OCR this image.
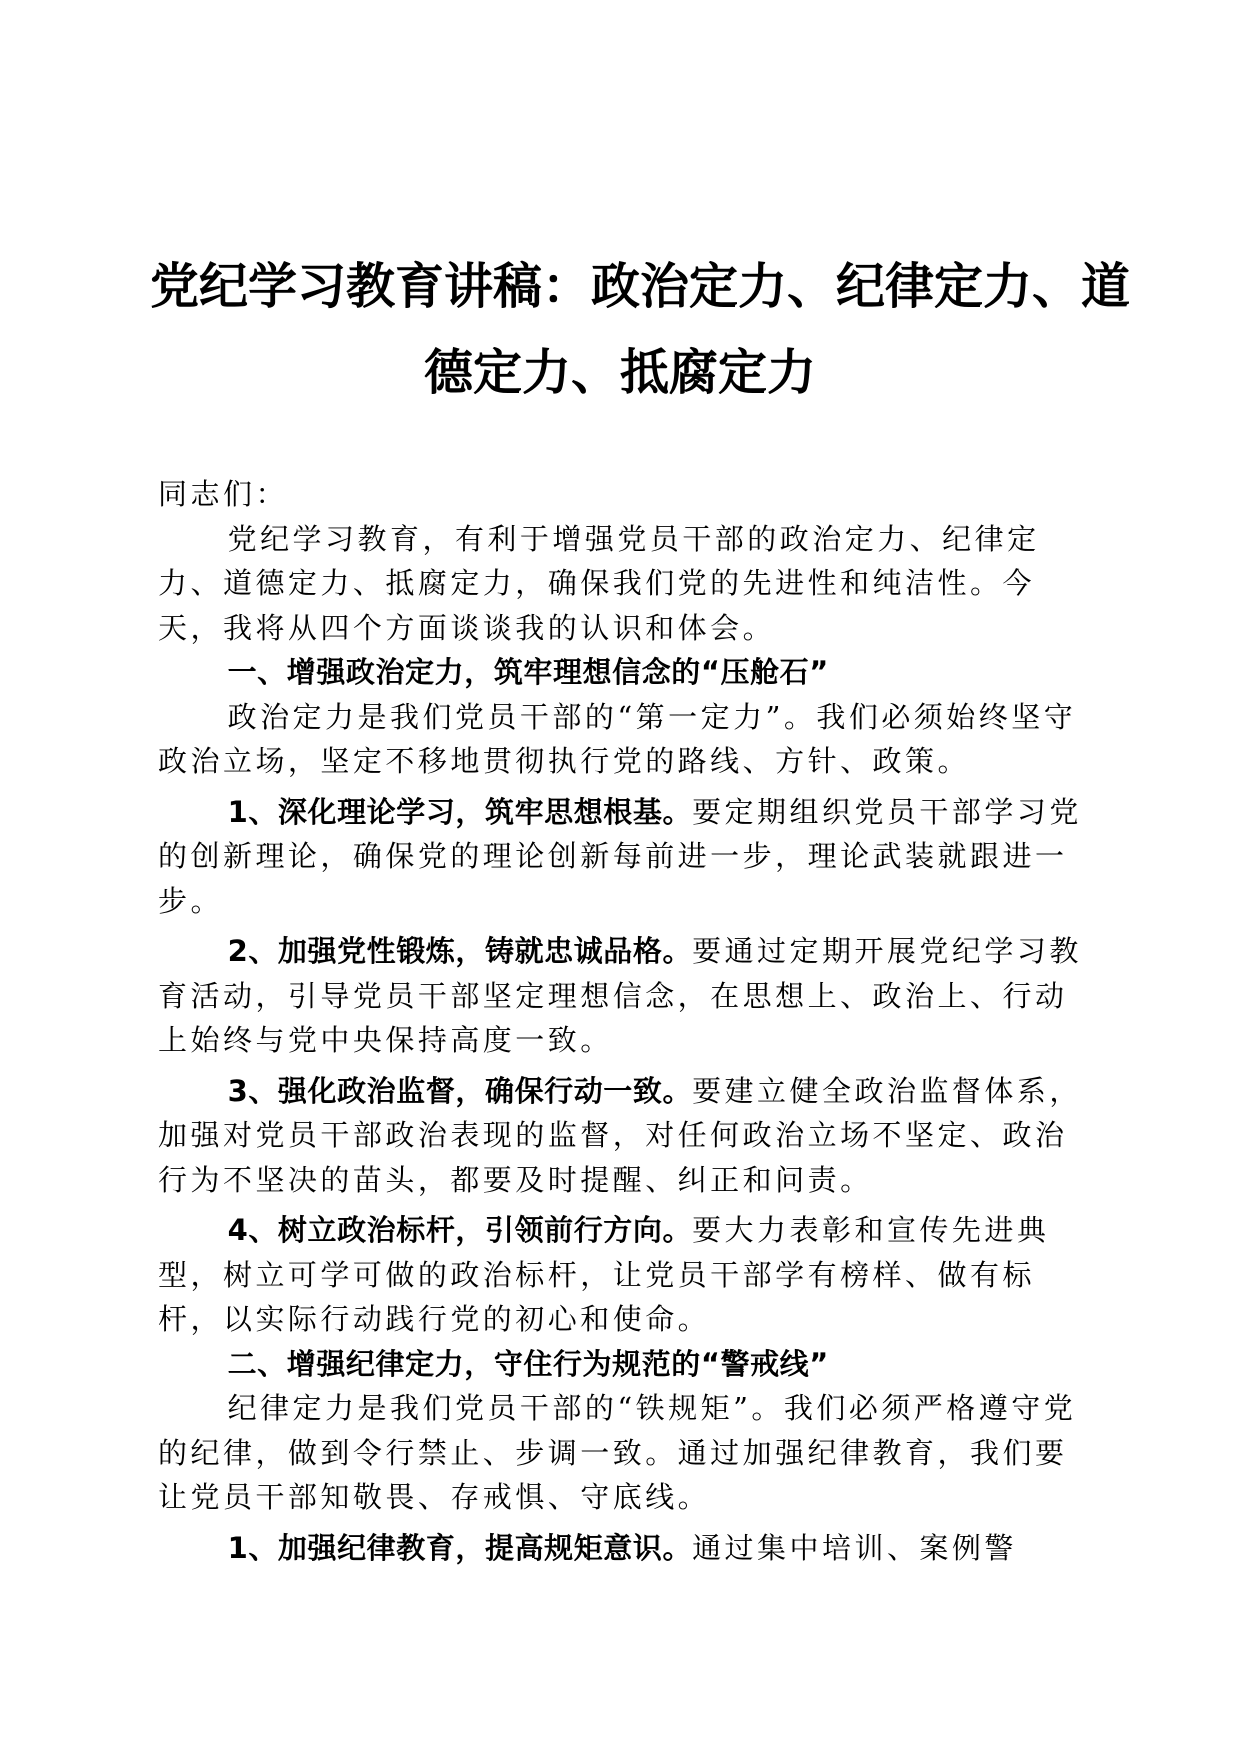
党纪学习教育讲稿：政治定力、纪律定力、道
德定力、抵腐定力

同志们：

党纪学习教育，有利于增强党员干部的政治定力、纪律定力、道德定力、抵腐定力，确保我们党的先进性和纯洁性。今天，我将从四个方面谈谈我的认识和体会。

一、增强政治定力，筑牢理想信念的“压舱石”

政治定力是我们党员干部的“第一定力”。我们必须始终坚守政治立场，坚定不移地贯彻执行党的路线、方针、政策。

1、深化理论学习，筑牢思想根基。要定期组织党员干部学习党的创新理论，确保党的理论创新每前进一步，理论武装就跟进一步。

2、加强党性锻炼，铸就忠诚品格。要通过定期开展党纪学习教育活动，引导党员干部坚定理想信念，在思想上、政治上、行动上始终与党中央保持高度一致。

3、强化政治监督，确保行动一致。要建立健全政治监督体系，加强对党员干部政治表现的监督，对任何政治立场不坚定、政治行为不坚决的苗头，都要及时提醒、纠正和问责。

4、树立政治标杆，引领前行方向。要大力表彰和宣传先进典型，树立可学可做的政治标杆，让党员干部学有榜样、做有标杆，以实际行动践行党的初心和使命。

二、增强纪律定力，守住行为规范的“警戒线”

纪律定力是我们党员干部的“铁规矩”。我们必须严格遵守党的纪律，做到令行禁止、步调一致。通过加强纪律教育，我们要让党员干部知敬畏、存戒惧、守底线。

1、加强纪律教育，提高规矩意识。通过集中培训、案例警
